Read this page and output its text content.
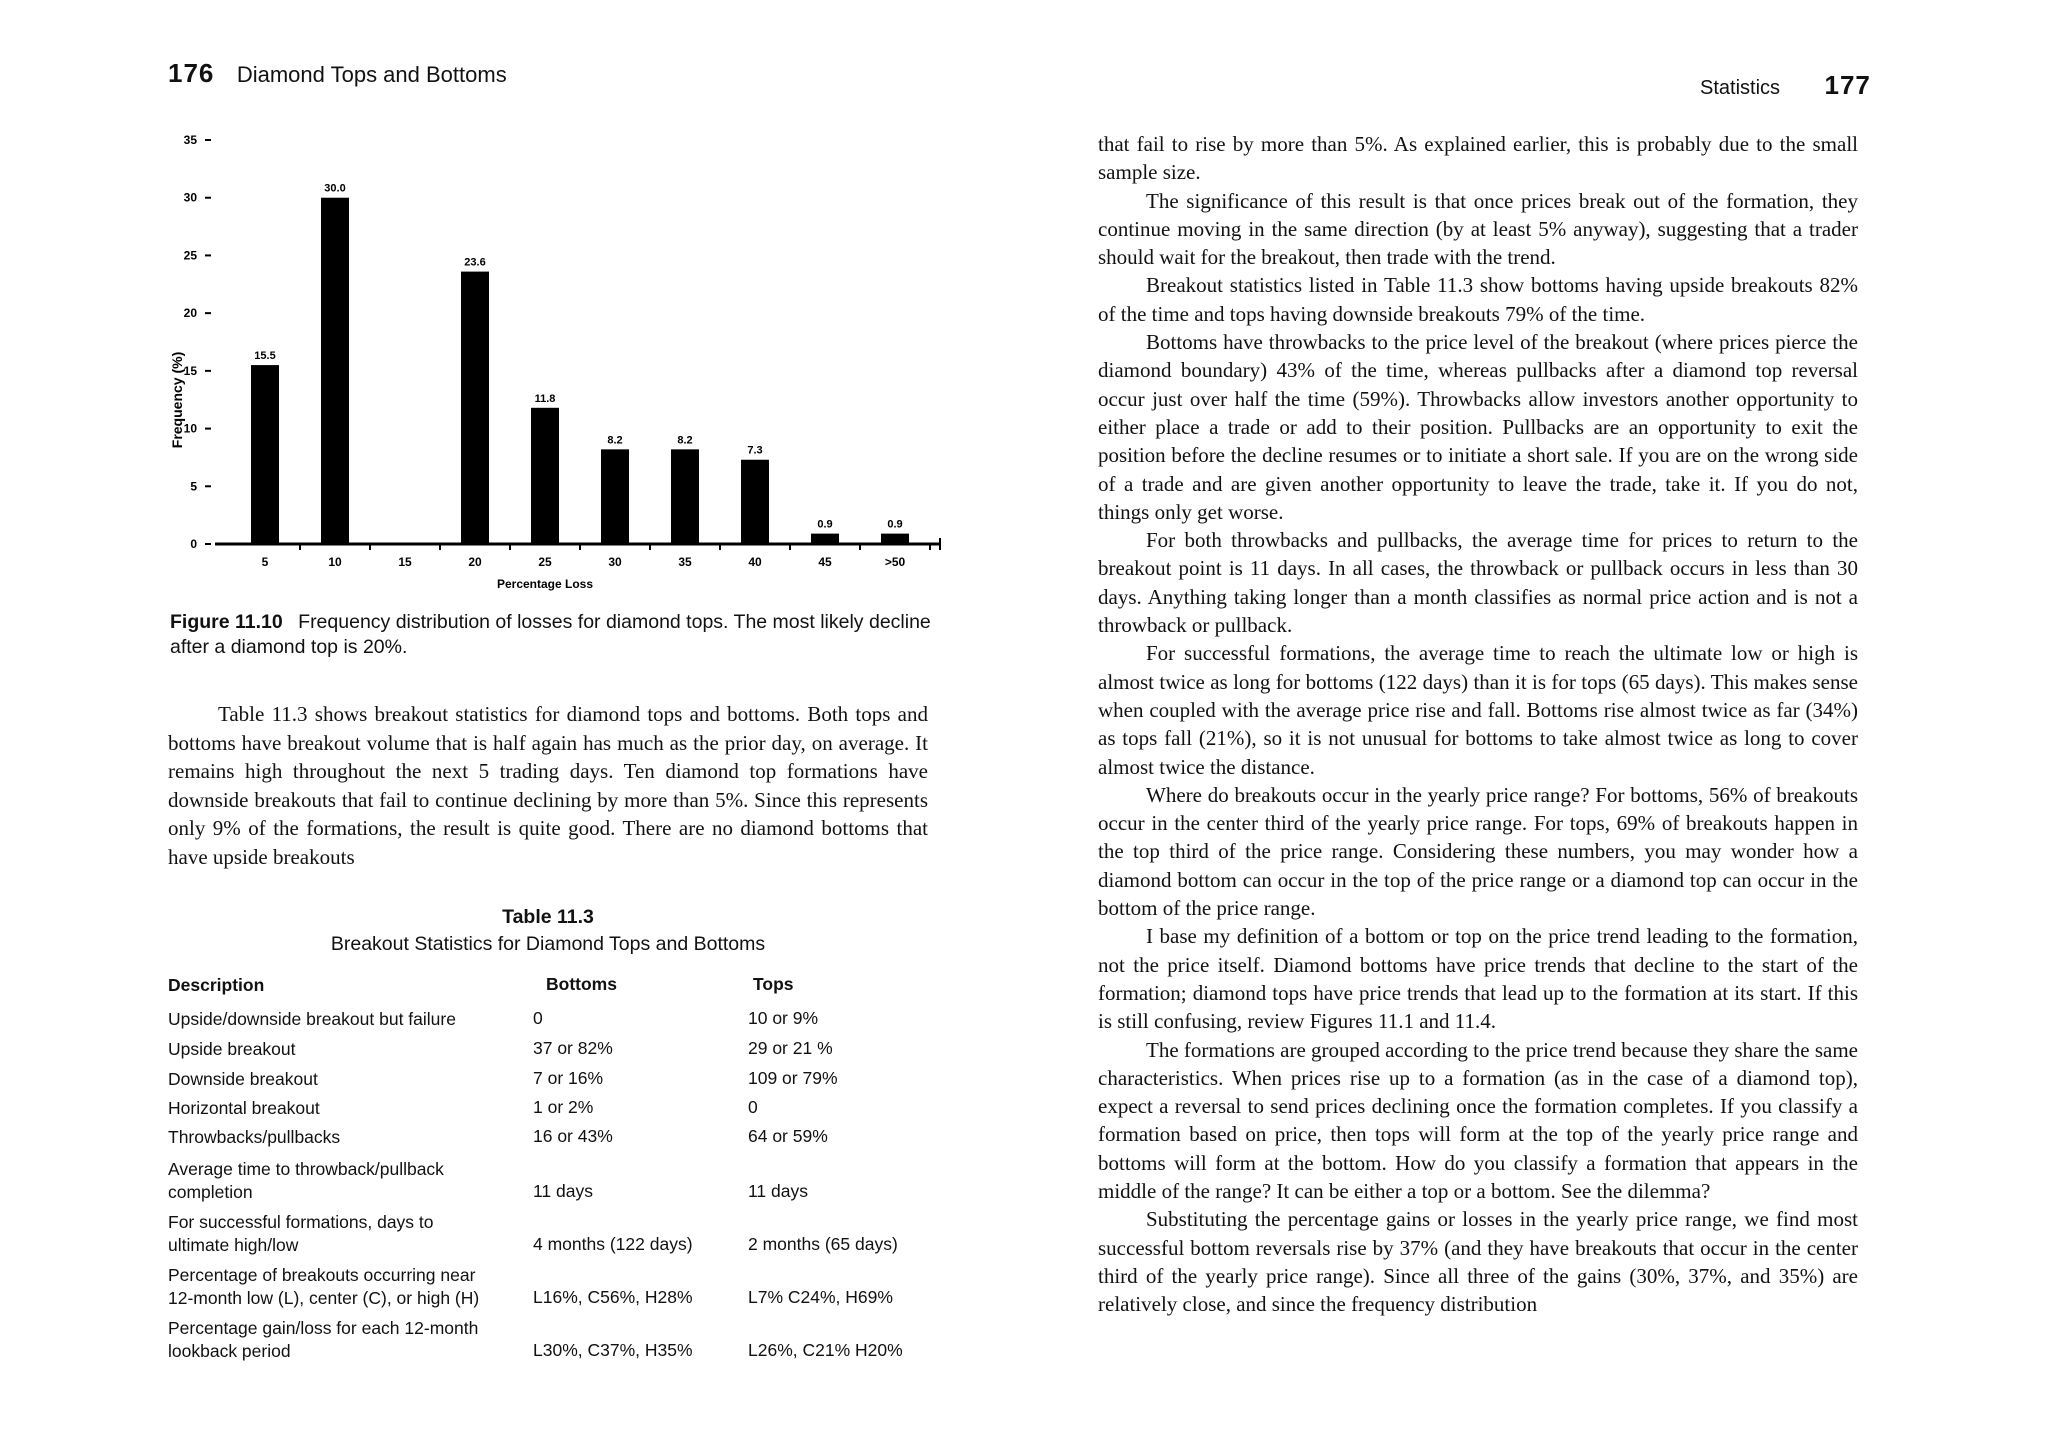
176 Diamond Tops and Bottoms
Frequency (%)	15.5
30.0
23.6
11.8
8.2	8.2
7.3
0.9	0.9
0
5
10
15
20
25
30
35
5	10	15	20	25	30	35	40	45	>50
Percentage Loss
Figure 11.10 Frequency distribution of losses for diamond tops. The most likely decline after a diamond top is 20%.
Table 11.3 shows breakout statistics for diamond tops and bottoms. Both tops and bottoms have breakout volume that is half again has much as the prior day, on average. It remains high throughout the next 5 trading days. Ten diamond top formations have downside breakouts that fail to continue declining by more than 5%. Since this represents only 9% of the formations, the result is quite good. There are no diamond bottoms that have upside breakouts
Table 11.3
Breakout Statistics for Diamond Tops and Bottoms
Description	Bottoms	Tops
Upside/downside breakout but failure	0	10 or 9%
Upside breakout	37 or 82%	29 or 21 %
Downside breakout	7 or 16%	109 or 79%
Horizontal breakout	1 or 2%	0
Throwbacks/pullbacks	16 or 43%	64 or 59%
Average time to throwback/pullback
completion	11 days	11 days
For successful formations, days to
ultimate high/low	4 months (122 days)	2 months (65 days)
Percentage of breakouts occurring near
12-month low (L), center (C), or high (H)	L16%, C56%, H28%	L7% C24%, H69%
Percentage gain/loss for each 12-month
lookback period	L30%, C37%, H35%	L26%, C21% H20%
Statistics 177

that fail to rise by more than 5%. As explained earlier, this is probably due to the small sample size.

The significance of this result is that once prices break out of the formation, they continue moving in the same direction (by at least 5% anyway), suggesting that a trader should wait for the breakout, then trade with the trend.

Breakout statistics listed in Table 11.3 show bottoms having upside breakouts 82% of the time and tops having downside breakouts 79% of the time.

Bottoms have throwbacks to the price level of the breakout (where prices pierce the diamond boundary) 43% of the time, whereas pullbacks after a diamond top reversal occur just over half the time (59%). Throwbacks allow investors another opportunity to either place a trade or add to their position. Pullbacks are an opportunity to exit the position before the decline resumes or to initiate a short sale. If you are on the wrong side of a trade and are given another opportunity to leave the trade, take it. If you do not, things only get worse.

For both throwbacks and pullbacks, the average time for prices to return to the breakout point is 11 days. In all cases, the throwback or pullback occurs in less than 30 days. Anything taking longer than a month classifies as normal price action and is not a throwback or pullback.

For successful formations, the average time to reach the ultimate low or high is almost twice as long for bottoms (122 days) than it is for tops (65 days). This makes sense when coupled with the average price rise and fall. Bottoms rise almost twice as far (34%) as tops fall (21%), so it is not unusual for bottoms to take almost twice as long to cover almost twice the distance.

Where do breakouts occur in the yearly price range? For bottoms, 56% of breakouts occur in the center third of the yearly price range. For tops, 69% of breakouts happen in the top third of the price range. Considering these numbers, you may wonder how a diamond bottom can occur in the top of the price range or a diamond top can occur in the bottom of the price range.

I base my definition of a bottom or top on the price trend leading to the formation, not the price itself. Diamond bottoms have price trends that decline to the start of the formation; diamond tops have price trends that lead up to the formation at its start. If this is still confusing, review Figures 11.1 and 11.4.

The formations are grouped according to the price trend because they share the same characteristics. When prices rise up to a formation (as in the case of a diamond top), expect a reversal to send prices declining once the formation completes. If you classify a formation based on price, then tops will form at the top of the yearly price range and bottoms will form at the bottom. How do you classify a formation that appears in the middle of the range? It can be either a top or a bottom. See the dilemma?

Substituting the percentage gains or losses in the yearly price range, we find most successful bottom reversals rise by 37% (and they have breakouts that occur in the center third of the yearly price range). Since all three of the gains (30%, 37%, and 35%) are relatively close, and since the frequency distribution
